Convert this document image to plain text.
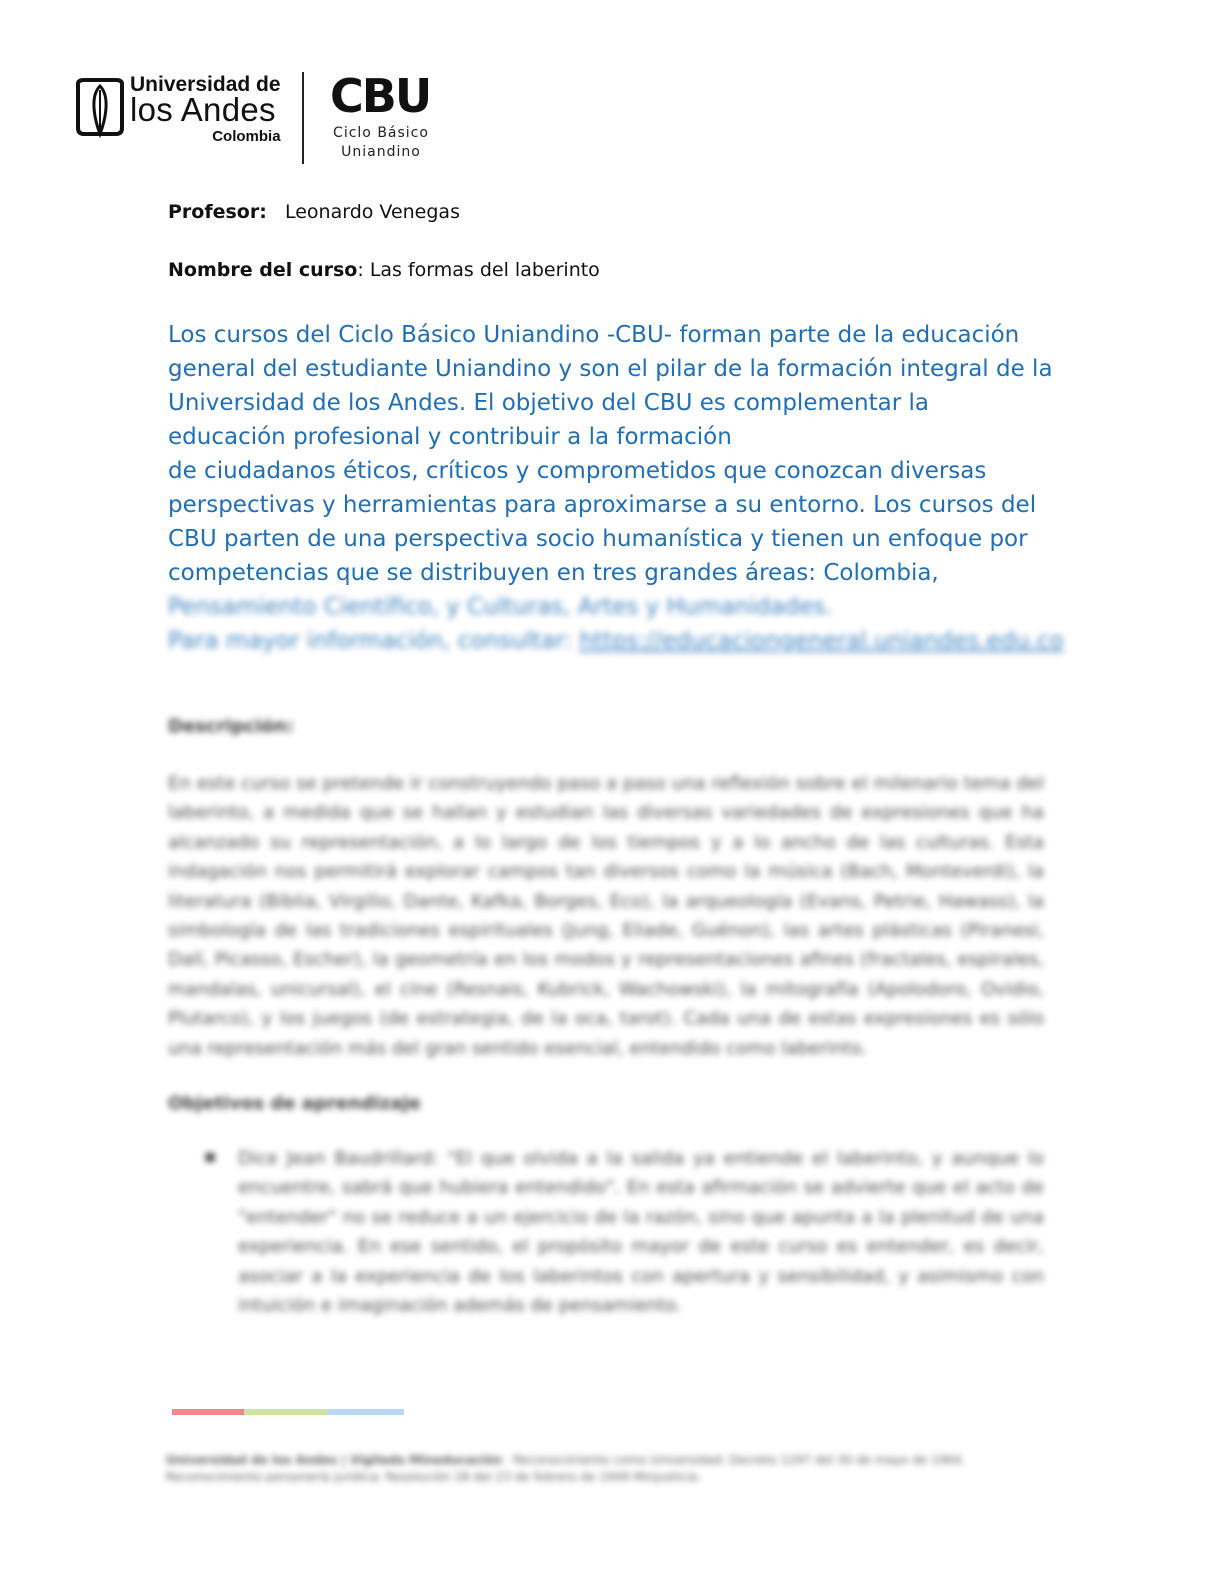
Universidad de
los Andes
Colombia
CBU
Ciclo Básico
Uniandino

Profesor: Leonardo Venegas

Nombre del curso: Las formas del laberinto

Los cursos del Ciclo Básico Uniandino -CBU- forman parte de la educación
general del estudiante Uniandino y son el pilar de la formación integral de la
Universidad de los Andes. El objetivo del CBU es complementar la
educación profesional y contribuir a la formación
de ciudadanos éticos, críticos y comprometidos que conozcan diversas
perspectivas y herramientas para aproximarse a su entorno. Los cursos del
CBU parten de una perspectiva socio humanística y tienen un enfoque por
competencias que se distribuyen en tres grandes áreas: Colombia,
Pensamiento Científico, y Culturas, Artes y Humanidades.
Para mayor información, consultar: https://educaciongeneral.uniandes.edu.co

Descripción:

En este curso se pretende ir construyendo paso a paso una reflexión sobre el milenario tema del laberinto, a medida que se hallan y estudian las diversas variedades de expresiones que ha alcanzado su representación, a lo largo de los tiempos y a lo ancho de las culturas. Esta indagación nos permitirá explorar campos tan diversos como la música (Bach, Monteverdi), la literatura (Biblia, Virgilio, Dante, Kafka, Borges, Eco), la arqueología (Evans, Petrie, Hawass), la simbología de las tradiciones espirituales (Jung, Eliade, Guénon), las artes plásticas (Piranesi, Dalí, Picasso, Escher), la geometría en los modos y representaciones afines (fractales, espirales, mandalas, unicursal), el cine (Resnais, Kubrick, Wachowski), la mitografía (Apolodoro, Ovidio, Plutarco), y los juegos (de estrategia, de la oca, tarot). Cada una de estas expresiones es sólo una representación más del gran sentido esencial, entendido como laberinto.

Objetivos de aprendizaje

▪ Dice Jean Baudrillard: "El que olvida a la salida ya entiende el laberinto, y aunque lo encuentre, sabrá que hubiera entendido". En esta afirmación se advierte que el acto de "entender" no se reduce a un ejercicio de la razón, sino que apunta a la plenitud de una experiencia. En ese sentido, el propósito mayor de este curso es entender, es decir, asociar a la experiencia de los laberintos con apertura y sensibilidad, y asimismo con intuición e imaginación además de pensamiento.

Universidad de los Andes | Vigilada Mineducación · Reconocimiento como Universidad: Decreto 1297 del 30 de mayo de 1964.
Reconocimiento personería jurídica: Resolución 28 del 23 de febrero de 1949 Minjusticia.
